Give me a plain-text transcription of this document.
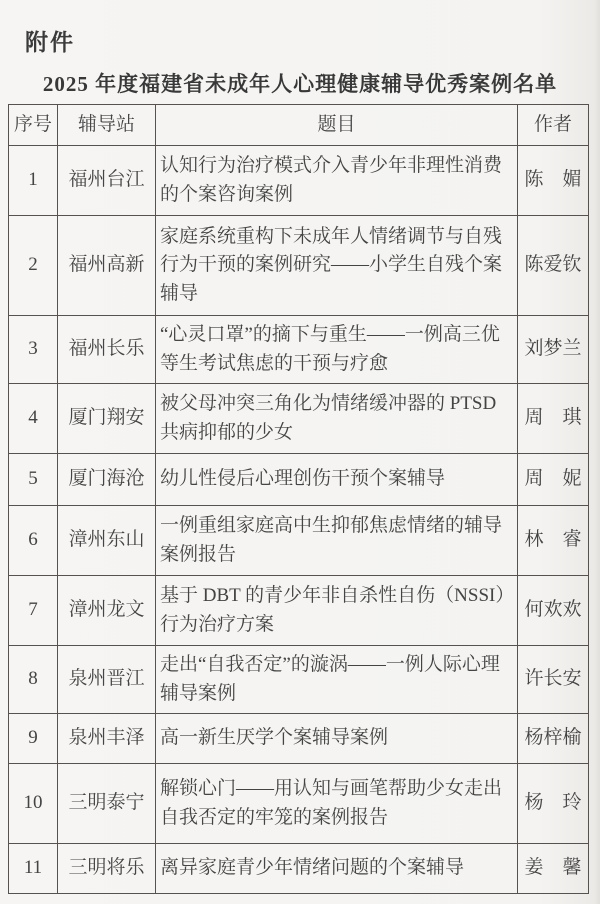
附件
2025 年度福建省未成年人心理健康辅导优秀案例名单
序号	辅导站	题目	作者
1	福州台江	认知行为治疗模式介入青少年非理性消费的个案咨询案例	陈　媚
2	福州高新	家庭系统重构下未成年人情绪调节与自残行为干预的案例研究——小学生自残个案辅导	陈爱钦
3	福州长乐	“心灵口罩”的摘下与重生——一例高三优等生考试焦虑的干预与疗愈	刘梦兰
4	厦门翔安	被父母冲突三角化为情绪缓冲器的 PTSD 共病抑郁的少女	周　琪
5	厦门海沧	幼儿性侵后心理创伤干预个案辅导	周　妮
6	漳州东山	一例重组家庭高中生抑郁焦虑情绪的辅导案例报告	林　睿
7	漳州龙文	基于 DBT 的青少年非自杀性自伤（NSSI）行为治疗方案	何欢欢
8	泉州晋江	走出“自我否定”的漩涡——一例人际心理辅导案例	许长安
9	泉州丰泽	高一新生厌学个案辅导案例	杨梓榆
10	三明泰宁	解锁心门——用认知与画笔帮助少女走出自我否定的牢笼的案例报告	杨　玲
11	三明将乐	离异家庭青少年情绪问题的个案辅导	姜　馨
